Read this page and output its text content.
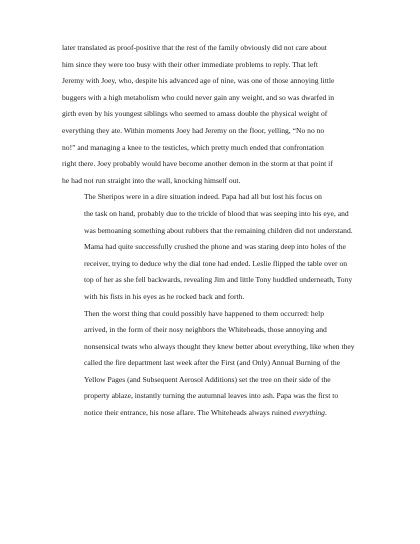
later translated as proof-positive that the rest of the family obviously did not care about
him since they were too busy with their other immediate problems to reply. That left
Jeremy with Joey, who, despite his advanced age of nine, was one of those annoying little
buggers with a high metabolism who could never gain any weight, and so was dwarfed in
girth even by his youngest siblings who seemed to amass double the physical weight of
everything they ate. Within moments Joey had Jeremy on the floor, yelling, “No no no
no!” and managing a knee to the testicles, which pretty much ended that confrontation
right there. Joey probably would have become another demon in the storm at that point if
he had not run straight into the wall, knocking himself out.

The Sheripos were in a dire situation indeed. Papa had all but lost his focus on
the task on hand, probably due to the trickle of blood that was seeping into his eye, and
was bemoaning something about rubbers that the remaining children did not understand.
Mama had quite successfully crushed the phone and was staring deep into holes of the
receiver, trying to deduce why the dial tone had ended. Leslie flipped the table over on
top of her as she fell backwards, revealing Jim and little Tony huddled underneath, Tony
with his fists in his eyes as he rocked back and forth.

Then the worst thing that could possibly have happened to them occurred: help
arrived, in the form of their nosy neighbors the Whiteheads, those annoying and
nonsensical twats who always thought they knew better about everything, like when they
called the fire department last week after the First (and Only) Annual Burning of the
Yellow Pages (and Subsequent Aerosol Additions) set the tree on their side of the
property ablaze, instantly turning the autumnal leaves into ash. Papa was the first to
notice their entrance, his nose aflare. The Whiteheads always ruined everything.
